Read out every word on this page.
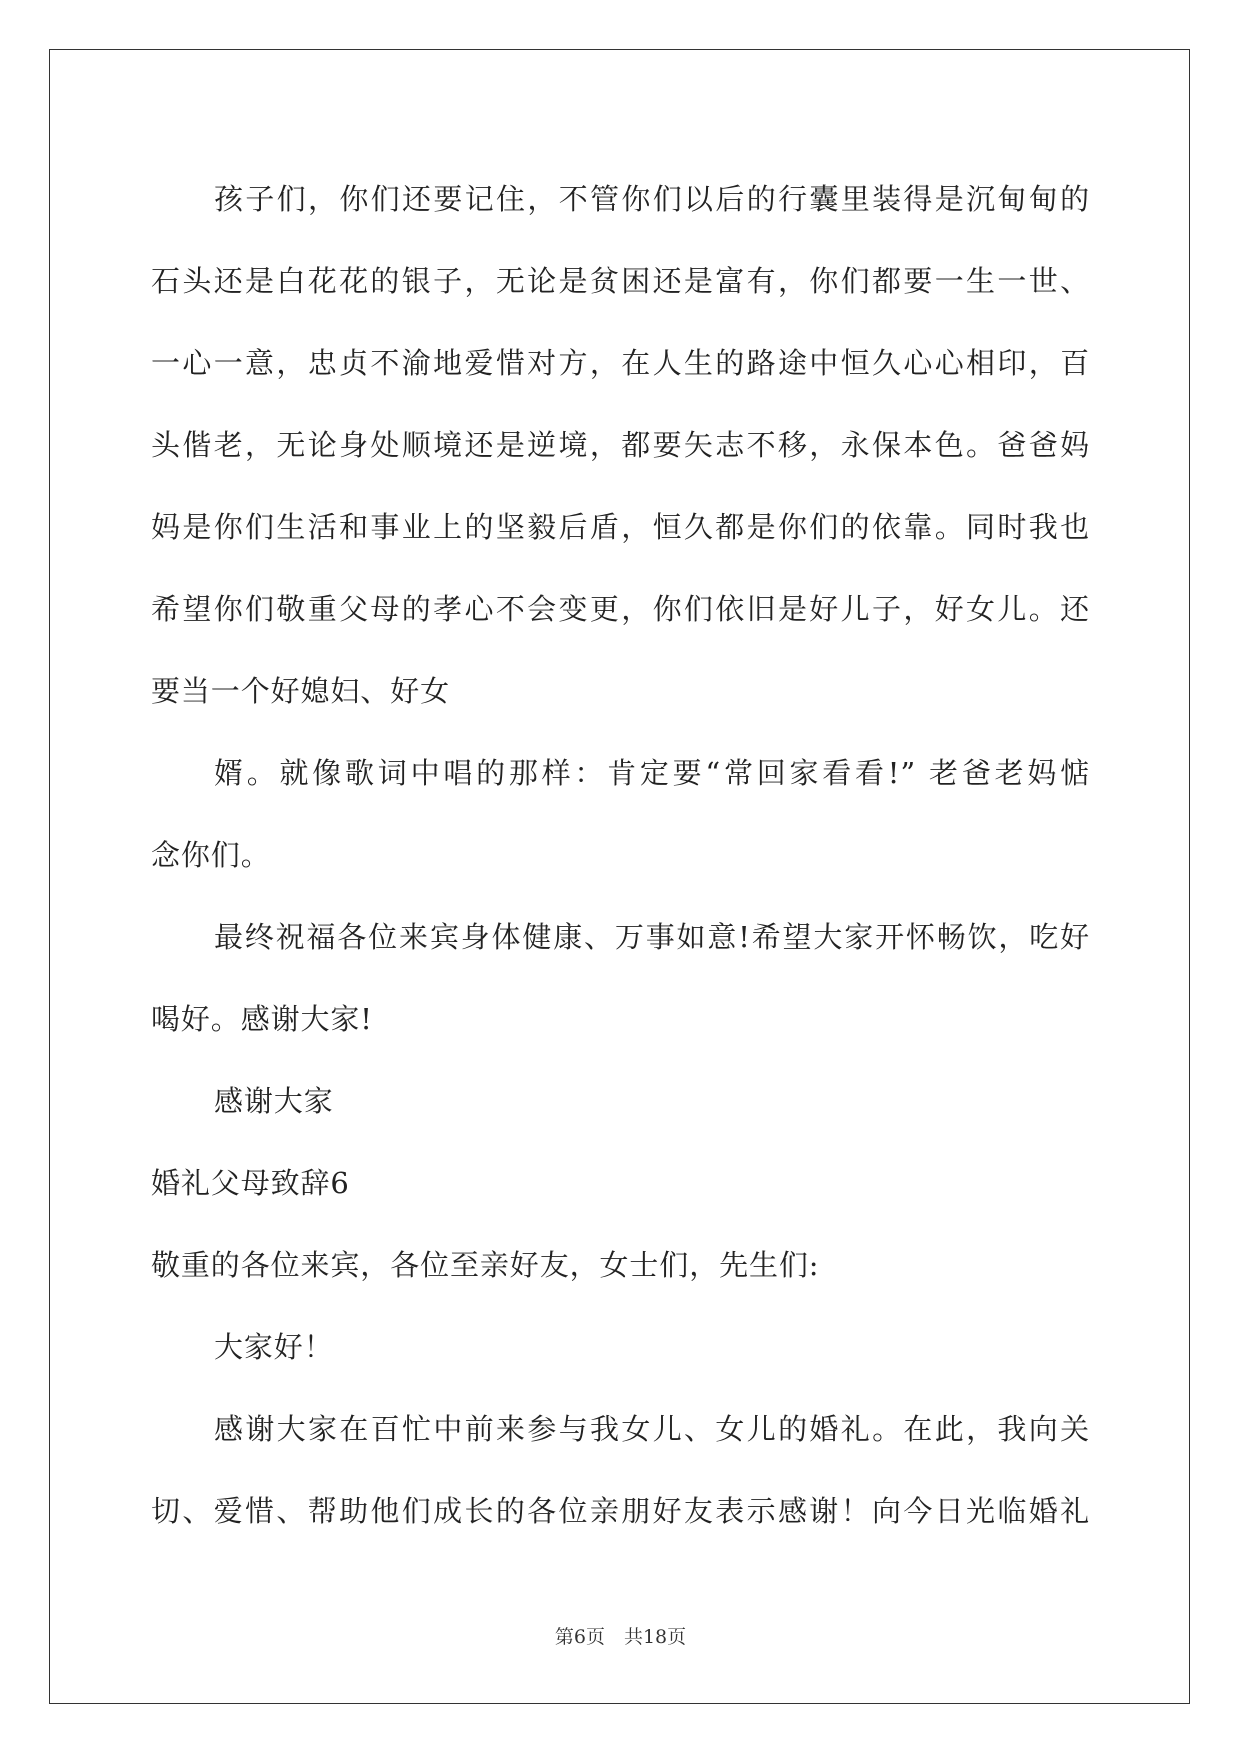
孩子们，你们还要记住，不管你们以后的行囊里装得是沉甸甸的
石头还是白花花的银子，无论是贫困还是富有，你们都要一生一世、
一心一意，忠贞不渝地爱惜对方，在人生的路途中恒久心心相印，百
头偕老，无论身处顺境还是逆境，都要矢志不移，永保本色。爸爸妈
妈是你们生活和事业上的坚毅后盾，恒久都是你们的依靠。同时我也
希望你们敬重父母的孝心不会变更，你们依旧是好儿子，好女儿。还
要当一个好媳妇、好女
婿。就像歌词中唱的那样：肯定要“常回家看看!” 老爸老妈惦
念你们。
最终祝福各位来宾身体健康、万事如意!希望大家开怀畅饮，吃好
喝好。感谢大家!
感谢大家
婚礼父母致辞6
敬重的各位来宾，各位至亲好友，女士们，先生们:
大家好！
感谢大家在百忙中前来参与我女儿、女儿的婚礼。在此，我向关
切、爱惜、帮助他们成长的各位亲朋好友表示感谢！向今日光临婚礼
第6页　共18页
